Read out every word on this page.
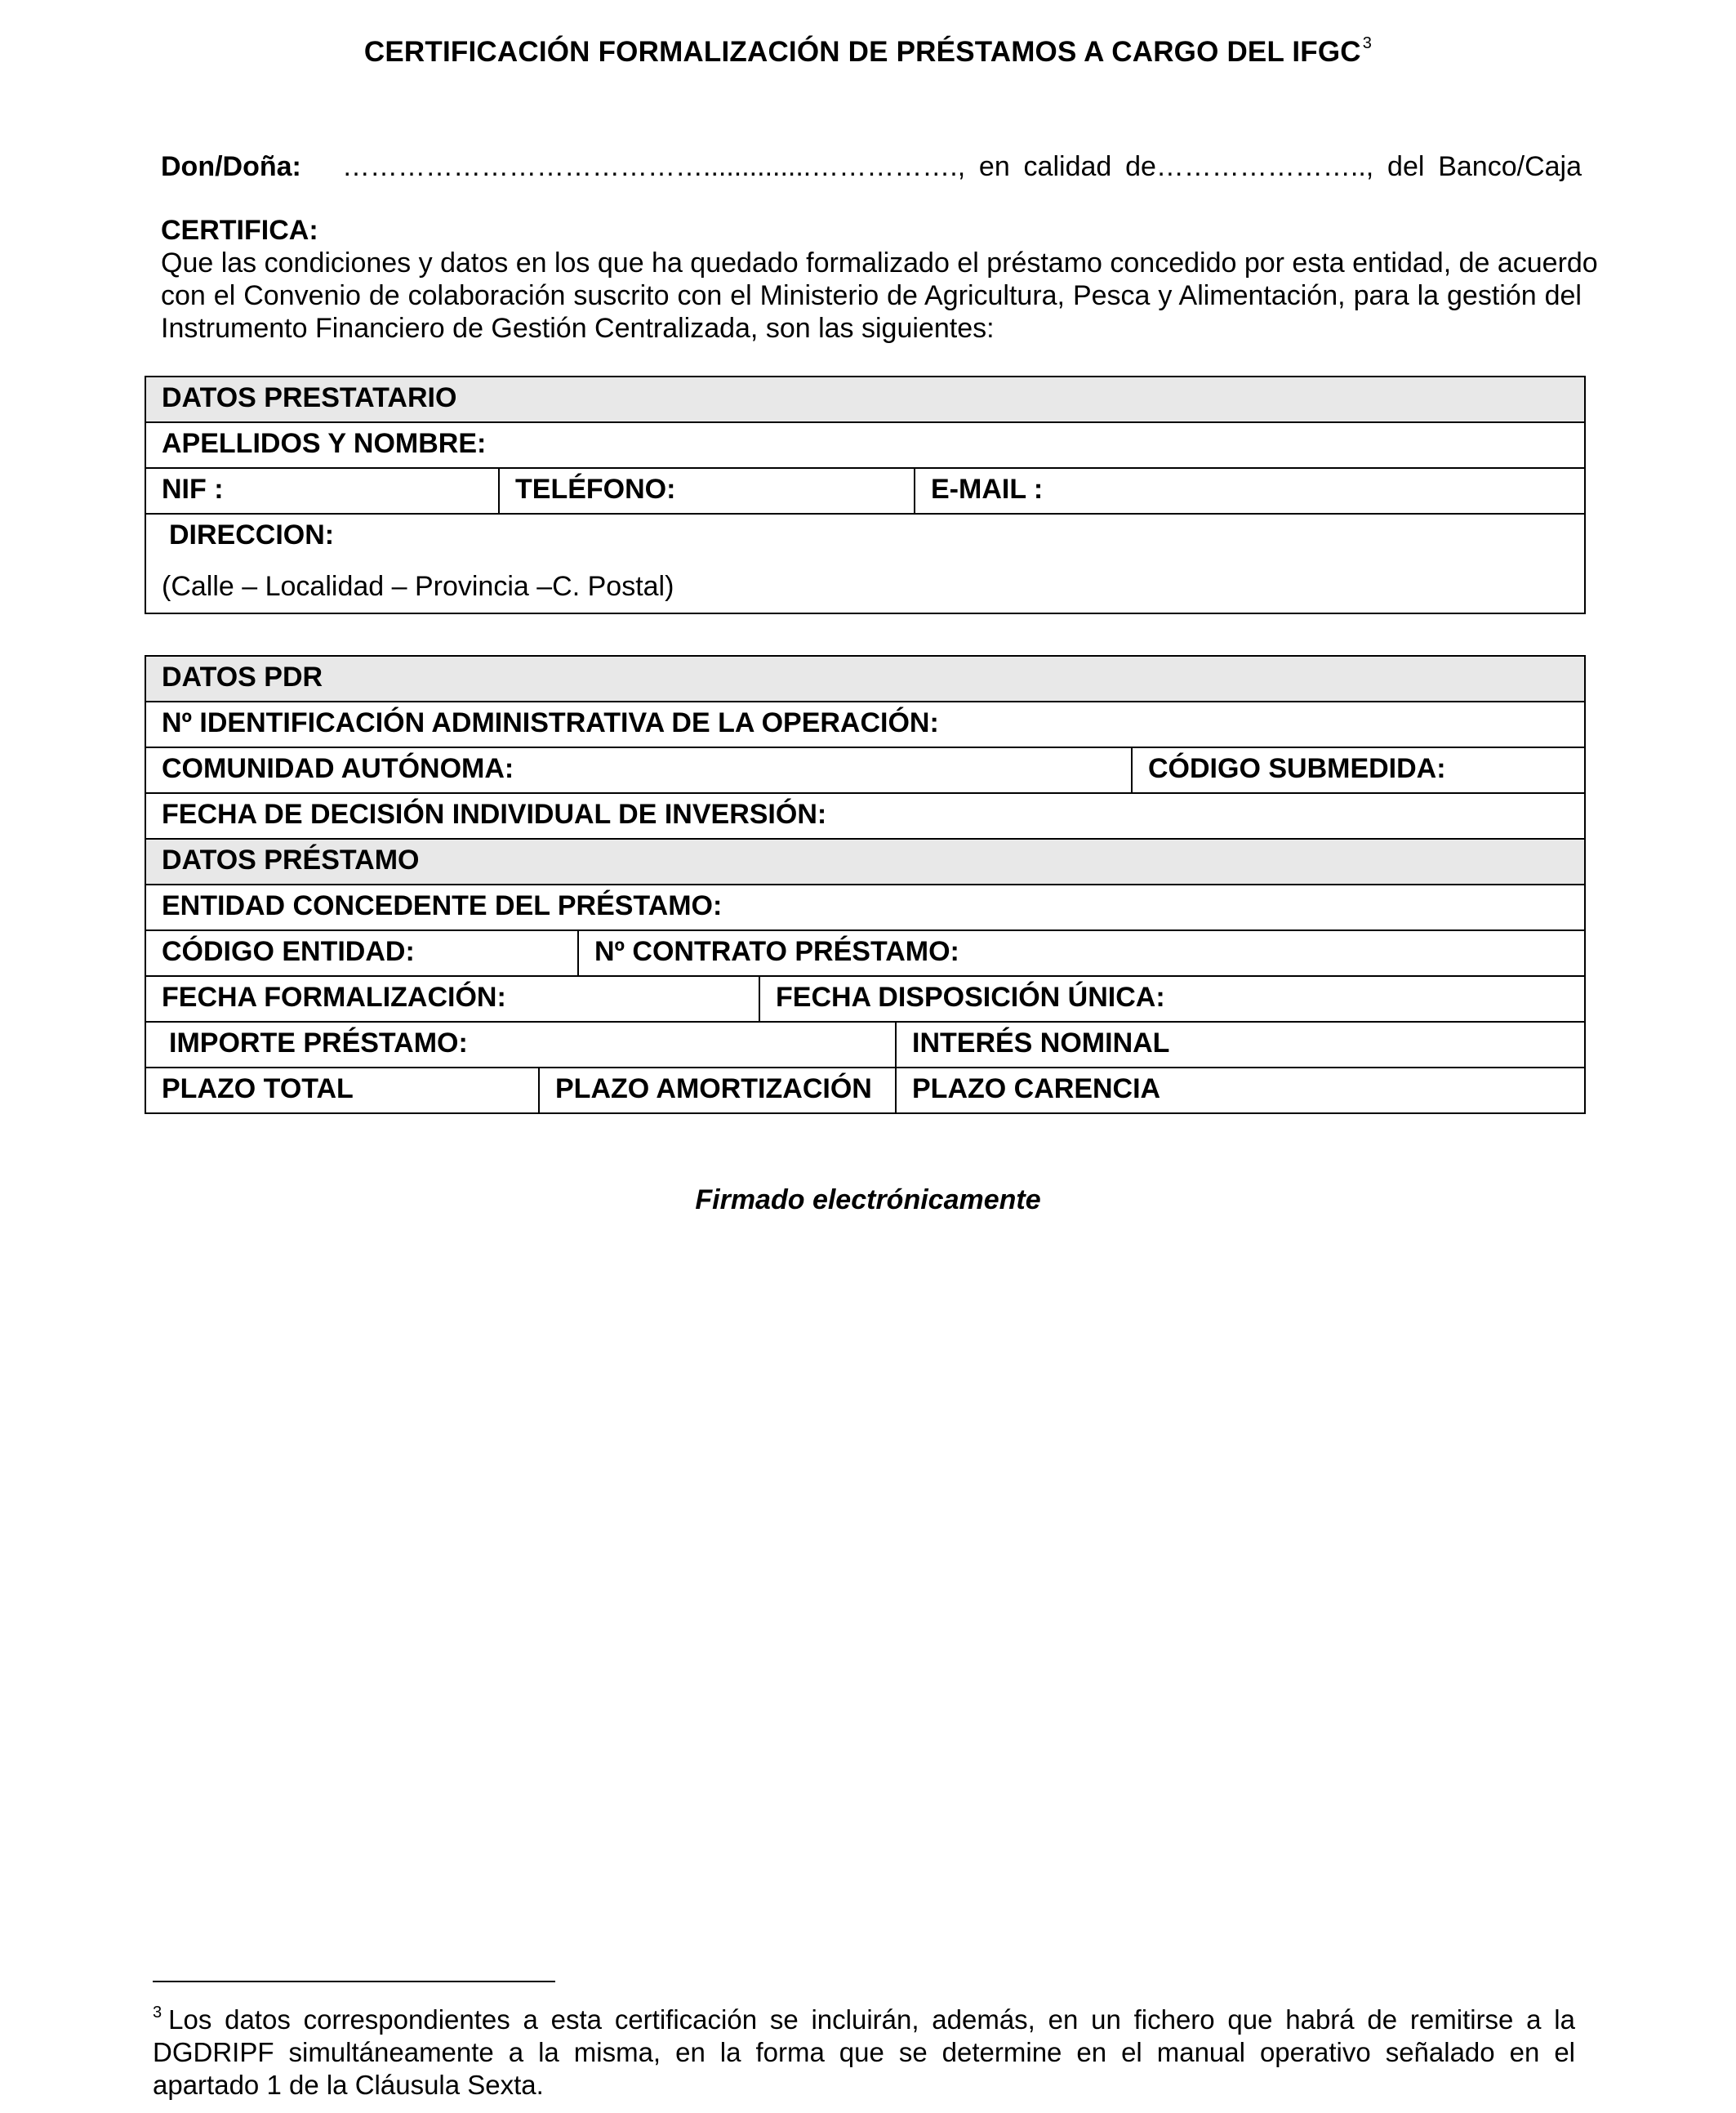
CERTIFICACIÓN FORMALIZACIÓN DE PRÉSTAMOS A CARGO DEL IFGC $^3$
Don/Doña:	…………………………………..............……………., en calidad de………………….., del Banco/Caja
CERTIFICA:
Que las condiciones y datos en los que ha quedado formalizado el préstamo concedido por esta entidad, de acuerdo
con el Convenio de colaboración suscrito con el Ministerio de Agricultura, Pesca y Alimentación, para la gestión del
Instrumento Financiero de Gestión Centralizada, son las siguientes:
DATOS PRESTATARIO
APELLIDOS Y NOMBRE:
NIF :	TELÉFONO:	E-MAIL :
DIRECCION:
(Calle – Localidad – Provincia –C. Postal)
DATOS PDR					
Nº IDENTIFICACIÓN ADMINISTRATIVA DE LA OPERACIÓN:					
COMUNIDAD AUTÓNOMA:					CÓDIGO SUBMEDIDA:
FECHA DE DECISIÓN INDIVIDUAL DE INVERSIÓN:					
DATOS PRÉSTAMO					
ENTIDAD CONCEDENTE DEL PRÉSTAMO:					
CÓDIGO ENTIDAD:		Nº CONTRATO PRÉSTAMO:			
FECHA FORMALIZACIÓN:			FECHA DISPOSICIÓN ÚNICA:		
IMPORTE PRÉSTAMO:				INTERÉS NOMINAL	
PLAZO TOTAL	PLAZO AMORTIZACIÓN			PLAZO CARENCIA	
Firmado electrónicamente
$^3$ Los datos correspondientes a esta certificación se incluirán, además, en un fichero que habrá de remitirse a la
DGDRIPF simultáneamente a la misma, en la forma que se determine en el manual operativo señalado en el
apartado 1 de la Cláusula Sexta.
